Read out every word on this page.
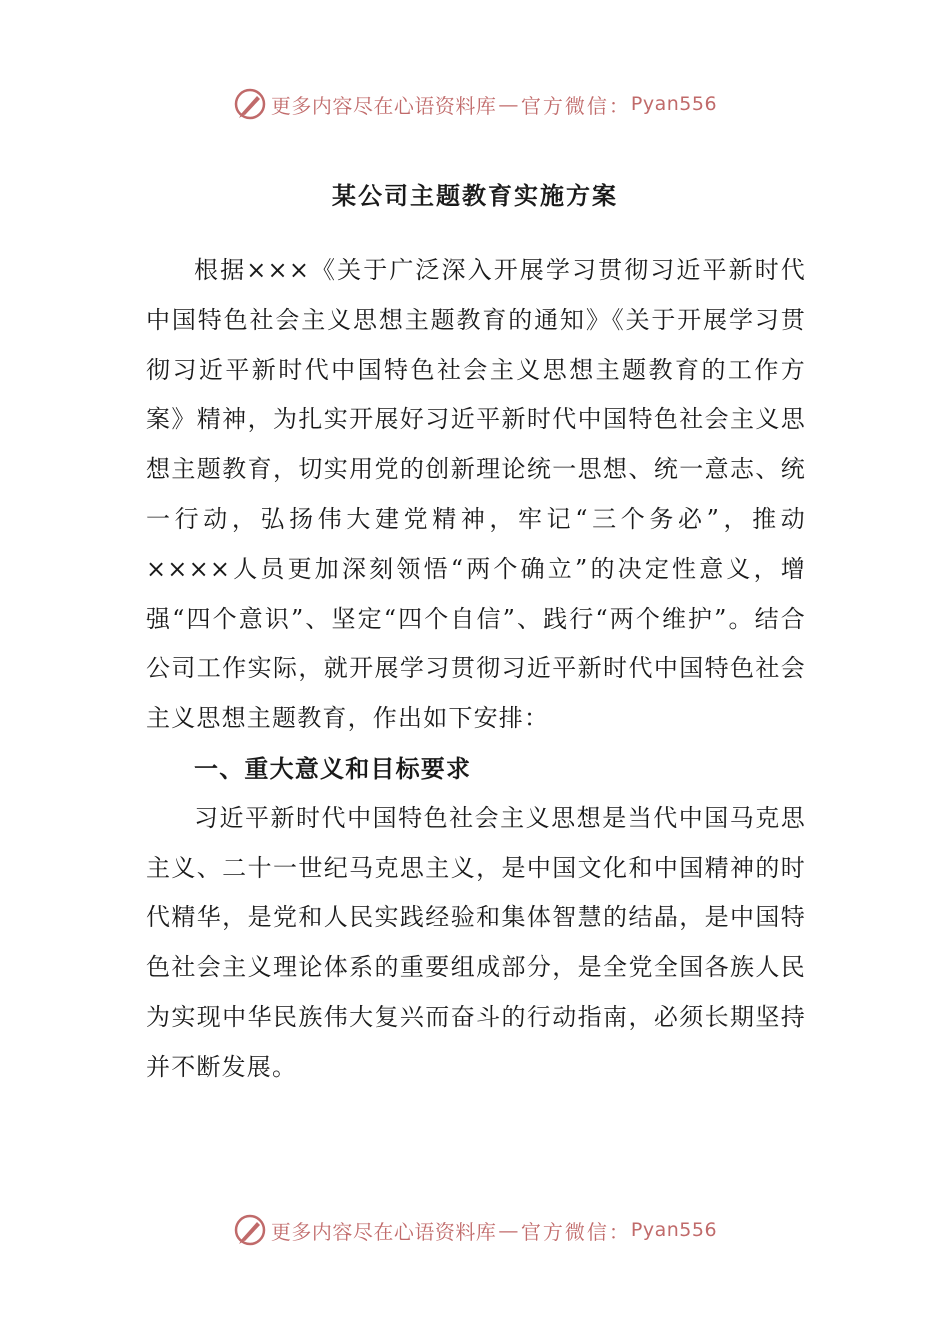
更多内容尽在心语资料库 — 官方微信： Pyan556
某公司主题教育实施方案

根据×××《关于广泛深入开展学习贯彻习近平新时代中国特色社会主义思想主题教育的通知》《关于开展学习贯彻习近平新时代中国特色社会主义思想主题教育的工作方案》精神，为扎实开展好习近平新时代中国特色社会主义思想主题教育，切实用党的创新理论统一思想、统一意志、统一行动，弘扬伟大建党精神，牢记“三个务必”，推动××××人员更加深刻领悟“两个确立”的决定性意义，增强“四个意识”、坚定“四个自信”、践行“两个维护”。结合公司工作实际，就开展学习贯彻习近平新时代中国特色社会主义思想主题教育，作出如下安排：

一、重大意义和目标要求

习近平新时代中国特色社会主义思想是当代中国马克思主义、二十一世纪马克思主义，是中国文化和中国精神的时代精华，是党和人民实践经验和集体智慧的结晶，是中国特色社会主义理论体系的重要组成部分，是全党全国各族人民为实现中华民族伟大复兴而奋斗的行动指南，必须长期坚持并不断发展。

更多内容尽在心语资料库 — 官方微信： Pyan556
